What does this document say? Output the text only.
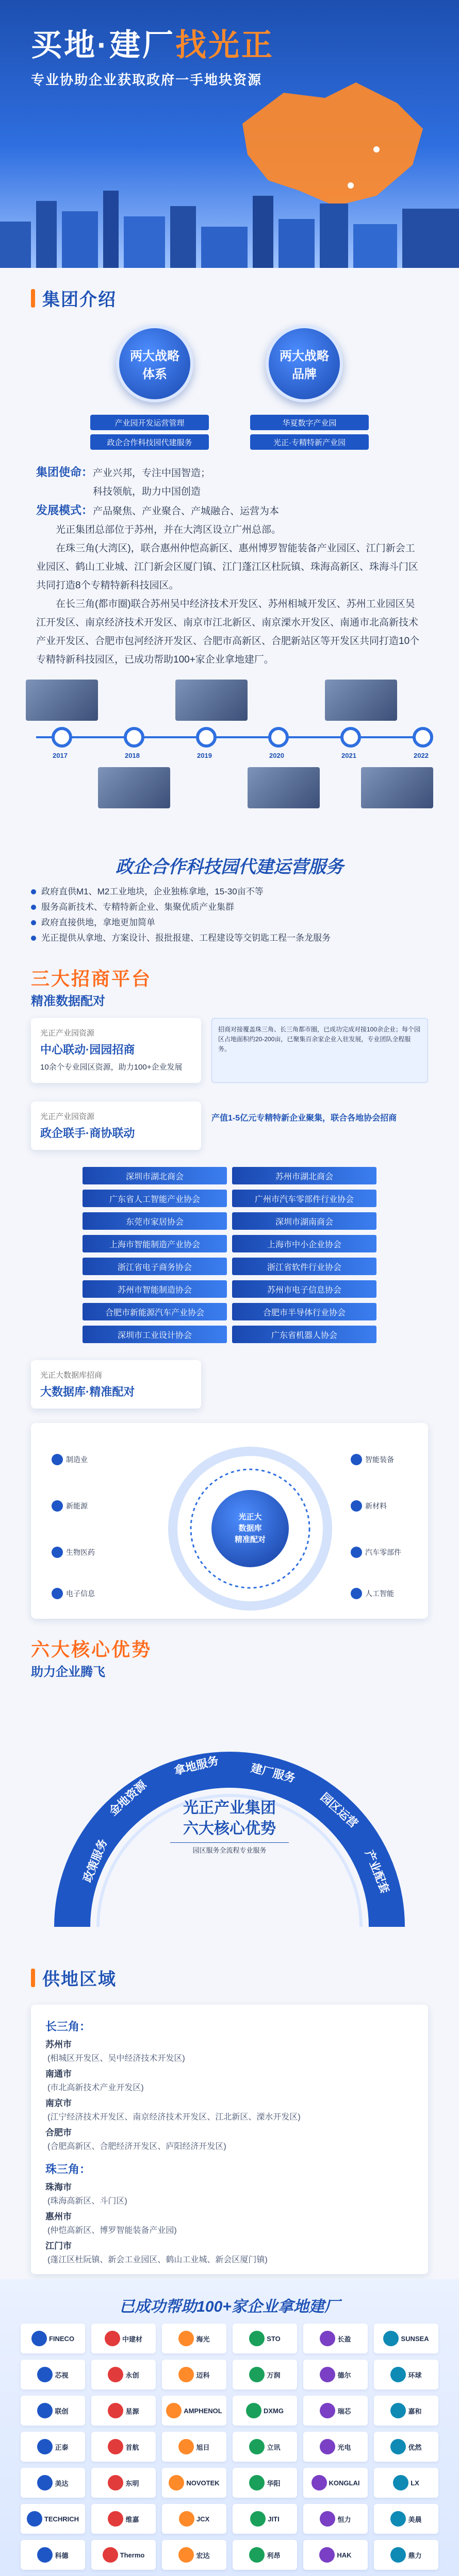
买地·建厂找光正
专业协助企业获取政府一手地块资源
集团介绍
两大战略
体系
两大战略
品牌
产业园开发运营管理
政企合作科技园代建服务
华夏数字产业园
光正·专精特新产业园
集团使命：产业兴邦，专注中国智造；
科技领航，助力中国创造
发展模式：产品聚焦、产业聚合、产城融合、运营为本
光正集团总部位于苏州，并在大湾区设立广州总部。
在珠三角(大湾区)，联合惠州仲恺高新区、惠州博罗智能装备产业园区、江门新会工业园区、鹤山工业城、江门新会区厦门镇、江门蓬江区杜阮镇、珠海高新区、珠海斗门区共同打造8个专精特新科技园区。
在长三角(都市圈)联合苏州吴中经济技术开发区、苏州相城开发区、苏州工业园区吴江开发区、南京经济技术开发区、南京市江北新区、南京溧水开发区、南通市北高新技术产业开发区、合肥市包河经济开发区、合肥市高新区、合肥新站区等开发区共同打造10个专精特新科技园区，已成功帮助100+家企业拿地建厂。
2017	2018	2019	2020	2021	2022
政企合作科技园代建运营服务
政府直供M1、M2工业地块，企业独栋拿地，15-30亩不等
服务高新技术、专精特新企业、集聚优质产业集群
政府直接供地，拿地更加简单
光正提供从拿地、方案设计、报批报建、工程建设等交钥匙工程一条龙服务
三大招商平台
精准数据配对
光正产业园资源
中心联动·园园招商
10余个专业园区资源，助力100+企业发展
招商对接覆盖珠三角、长三角都市圈，已成功完成对接100余企业；每个园区占地面积约20-200亩，已聚集百余家企业入驻发展，专业团队全程服务。
光正产业园资源
政企联手·商协联动
产值1-5亿元专精特新企业聚集，联合各地协会招商
深圳市湖北商会	苏州市湖北商会
广东省人工智能产业协会	广州市汽车零部件行业协会
东莞市家居协会	深圳市湖南商会
上海市智能制造产业协会	上海市中小企业协会
浙江省电子商务协会	浙江省软件行业协会
苏州市智能制造协会	苏州市电子信息协会
合肥市新能源汽车产业协会	合肥市半导体行业协会
深圳市工业设计协会	广东省机器人协会
光正大数据库招商
大数据库·精准配对
光正大
数据库
精准配对
制造业
新能源
生物医药
电子信息
智能装备
新材料
汽车零部件
人工智能
六大核心优势
助力企业腾飞
政策服务
金地资源
拿地服务	建厂服务
园区运营
产业配套
光正产业集团
六大核心优势
园区服务全流程专业服务
供地区域
长三角：
苏州市
(相城区开发区、吴中经济技术开发区)
南通市
(市北高新技术产业开发区)
南京市
(江宁经济技术开发区、南京经济技术开发区、江北新区、溧水开发区)
合肥市
(合肥高新区、合肥经济开发区、庐阳经济开发区)
珠三角：
珠海市
(珠海高新区、斗门区)
惠州市
(仲恺高新区、博罗智能装备产业园)
江门市
(蓬江区杜阮镇、新会工业园区、鹤山工业城、新会区厦门镇)
已成功帮助100+家企业拿地建厂
FINECO	中建材	海光	STO	长盈	SUNSEA
芯视	永创	迈科	万润	德尔	环球
联创	星源	AMPHENOL	DXMG	瑞芯	嘉和
正泰	首航	旭日	立讯	光电	优然
美达	东明	NOVOTEK	华阳	KONGLAI	LX
TECHRICH	维嘉	JCX	JITI	恒力	美晨
科德	Thermo	宏达	利昂	HAK	鼎力
